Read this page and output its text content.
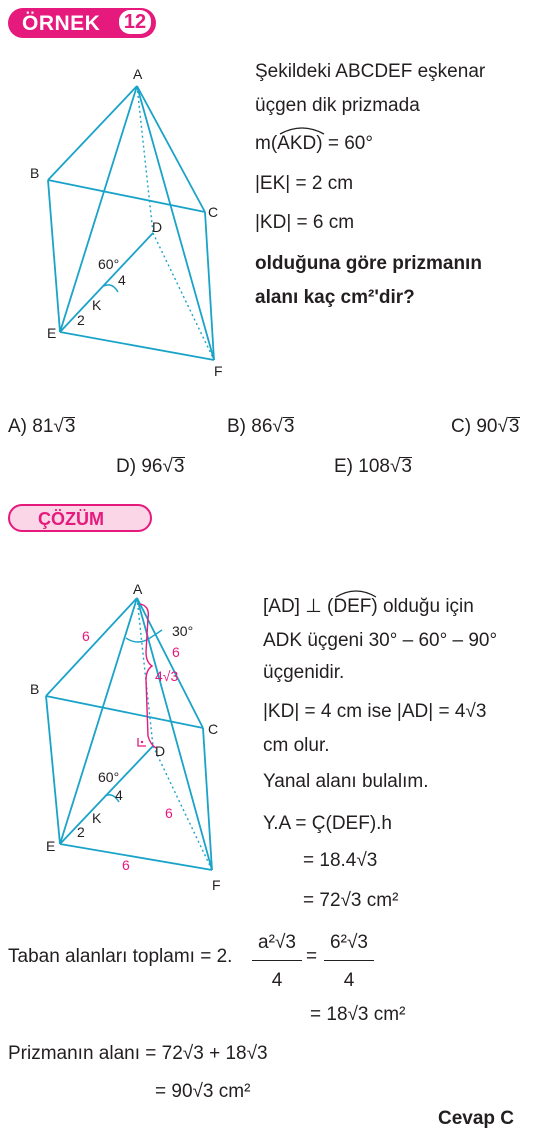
ÖRNEK 12
A
B
C
D
E
F
K
60°
4
2
Şekildeki ABCDEF eşkenar
üçgen dik prizmada
m(AKD) = 60°
|EK| = 2 cm
|KD| = 6 cm
olduğuna göre prizmanın
alanı kaç cm²'dir?
A) 81√3	B) 86√3	C) 90√3
D) 96√3	E) 108√3
ÇÖZÜM
A
B
C
D
E
F
K
60°
30°
4
2
6
6
4√3
6
6
[AD] ⊥ (DEF) olduğu için
ADK üçgeni 30° – 60° – 90°
üçgenidir.
|KD| = 4 cm ise |AD| = 4√3
cm olur.
Yanal alanı bulalım.
Y.A = Ç(DEF).h
= 18.4√3
= 72√3 cm²
Taban alanları toplamı = 2.
a²√3
4
=
6²√3
4
= 18√3 cm²
Prizmanın alanı = 72√3 + 18√3
= 90√3 cm²
Cevap C
